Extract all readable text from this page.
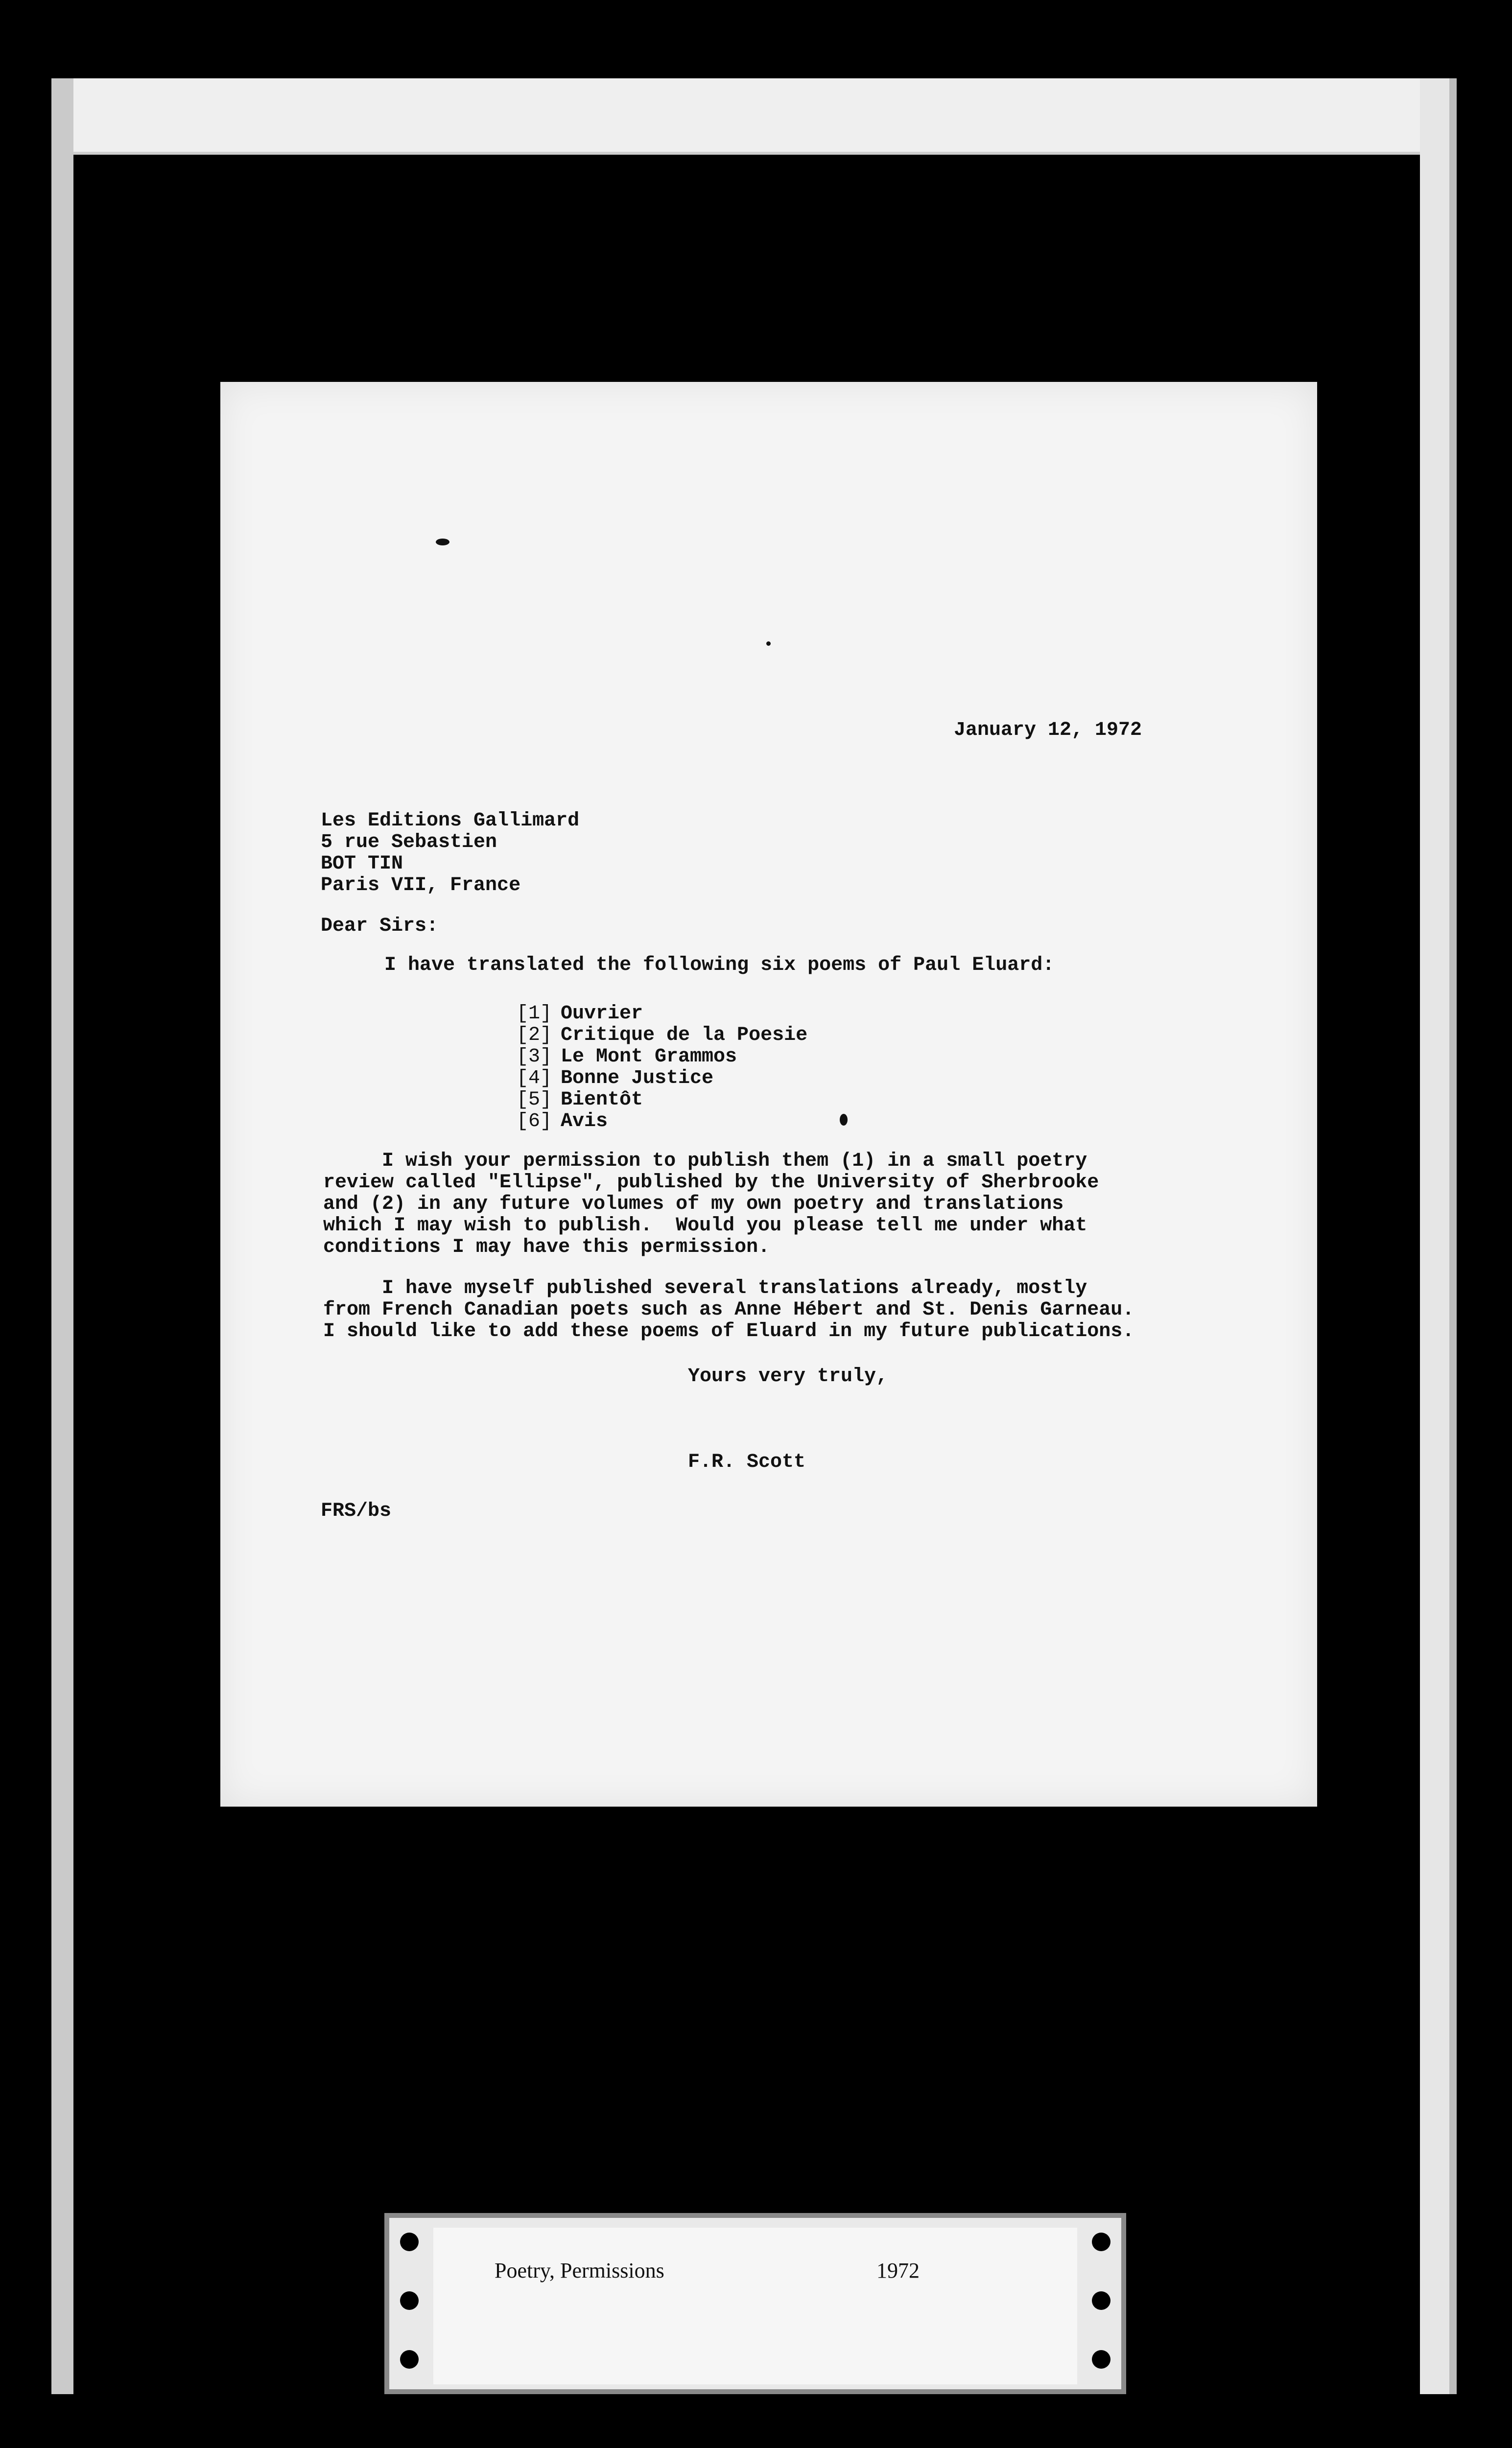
January 12, 1972
Les Editions Gallimard
5 rue Sebastien
BOT TIN
Paris VII, France
Dear Sirs:
I have translated the following six poems of Paul Eluard:
[1] Ouvrier
[2] Critique de la Poesie
[3] Le Mont Grammos
[4] Bonne Justice
[5] Bientôt
[6] Avis
I wish your permission to publish them (1) in a small poetry
review called "Ellipse", published by the University of Sherbrooke
and (2) in any future volumes of my own poetry and translations
which I may wish to publish.  Would you please tell me under what
conditions I may have this permission.
I have myself published several translations already, mostly
from French Canadian poets such as Anne Hébert and St. Denis Garneau.
I should like to add these poems of Eluard in my future publications.
Yours very truly,
F.R. Scott
FRS/bs
Poetry, Permissions	1972
